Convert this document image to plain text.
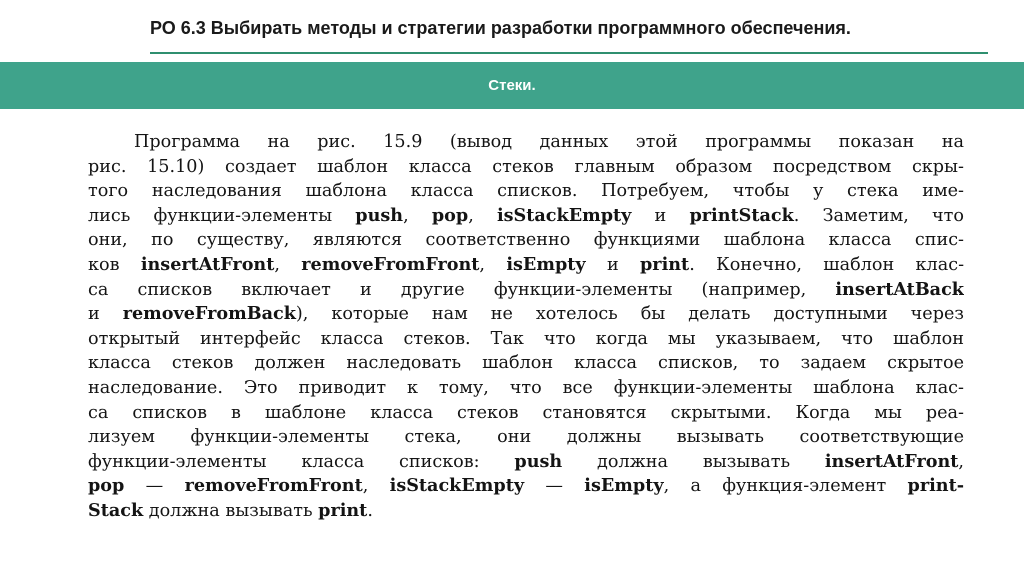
РО 6.3 Выбирать методы и стратегии разработки программного обеспечения.
Стеки.
Программа на рис. 15.9 (вывод данных этой программы показан на
рис. 15.10) создает шаблон класса стеков главным образом посредством скры-
того наследования шаблона класса списков. Потребуем, чтобы у стека име-
лись функции-элементы push, pop, isStackEmpty и printStack. Заметим, что
они, по существу, являются соответственно функциями шаблона класса спис-
ков insertAtFront, removeFromFront, isEmpty и print. Конечно, шаблон клас-
са списков включает и другие функции-элементы (например, insertAtBack
и removeFromBack), которые нам не хотелось бы делать доступными через
открытый интерфейс класса стеков. Так что когда мы указываем, что шаблон
класса стеков должен наследовать шаблон класса списков, то задаем скрытое
наследование. Это приводит к тому, что все функции-элементы шаблона клас-
са списков в шаблоне класса стеков становятся скрытыми. Когда мы реа-
лизуем функции-элементы стека, они должны вызывать соответствующие
функции-элементы класса списков: push должна вызывать insertAtFront,
pop — removeFromFront, isStackEmpty — isEmpty, а функция-элемент print-
Stack должна вызывать print.
